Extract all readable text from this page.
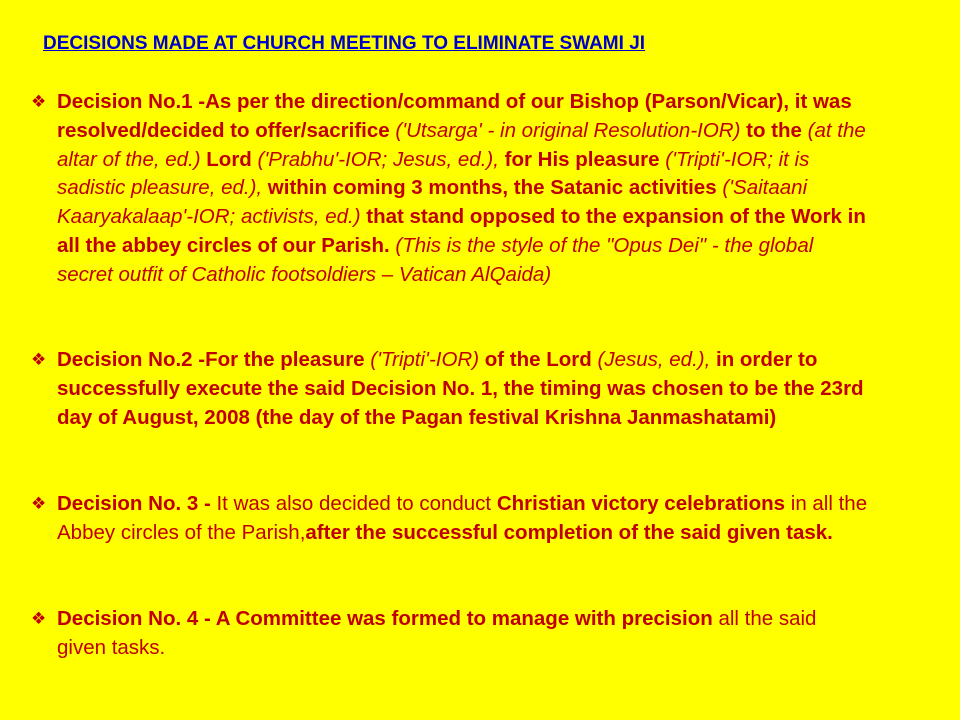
DECISIONS MADE AT CHURCH MEETING TO ELIMINATE SWAMI JI
❖ Decision No.1 -As per the direction/command of our Bishop (Parson/Vicar), it was resolved/decided to offer/sacrifice ('Utsarga' - in original Resolution-IOR) to the (at the altar of the, ed.) Lord ('Prabhu'-IOR; Jesus, ed.), for His pleasure ('Tripti'-IOR; it is sadistic pleasure, ed.), within coming 3 months, the Satanic activities ('Saitaani Kaaryakalaap'-IOR; activists, ed.) that stand opposed to the expansion of the Work in all the abbey circles of our Parish. (This is the style of the "Opus Dei" - the global secret outfit of Catholic footsoldiers – Vatican AlQaida)
❖ Decision No.2 -For the pleasure ('Tripti'-IOR) of the Lord (Jesus, ed.), in order to successfully execute the said Decision No. 1, the timing was chosen to be the 23rd day of August, 2008 (the day of the Pagan festival Krishna Janmashatami)
❖ Decision No. 3 - It was also decided to conduct Christian victory celebrations in all the Abbey circles of the Parish,after the successful completion of the said given task.
❖ Decision No. 4 - A Committee was formed to manage with precision all the said given tasks.
